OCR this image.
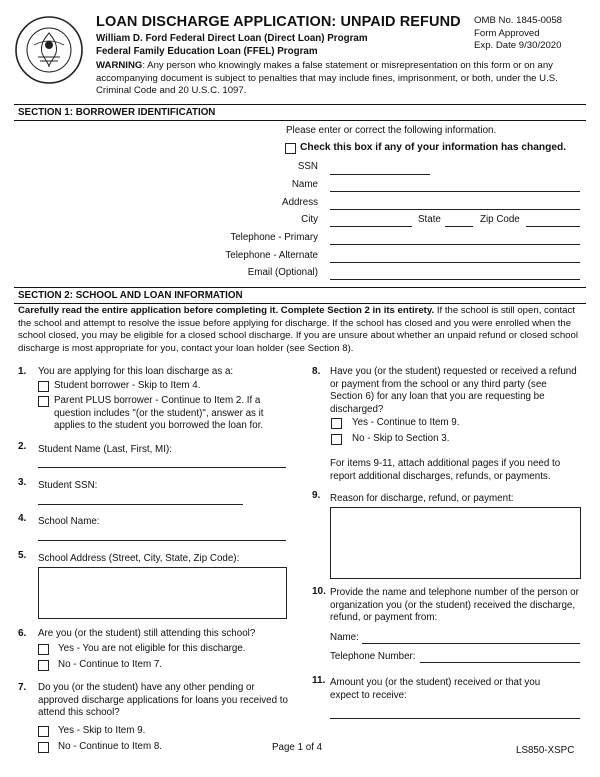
LOAN DISCHARGE APPLICATION: UNPAID REFUND
William D. Ford Federal Direct Loan (Direct Loan) Program
Federal Family Education Loan (FFEL) Program
OMB No. 1845-0058
Form Approved
Exp. Date 9/30/2020
WARNING: Any person who knowingly makes a false statement or misrepresentation on this form or on any accompanying document is subject to penalties that may include fines, imprisonment, or both, under the U.S. Criminal Code and 20 U.S.C. 1097.
SECTION 1: BORROWER IDENTIFICATION
Please enter or correct the following information.
Check this box if any of your information has changed.
SSN
Name
Address
City	State	Zip Code
Telephone - Primary
Telephone - Alternate
Email (Optional)
SECTION 2: SCHOOL AND LOAN INFORMATION
Carefully read the entire application before completing it. Complete Section 2 in its entirety. If the school is still open, contact the school and attempt to resolve the issue before applying for discharge. If the school has closed and you were enrolled when the school closed, you may be eligible for a closed school discharge. If you are unsure about whether an unpaid refund or closed school discharge is most appropriate for you, contact your loan holder (see Section 8).
1. You are applying for this loan discharge as a:
Student borrower - Skip to Item 4.
Parent PLUS borrower - Continue to Item 2. If a question includes "(or the student)", answer as it applies to the student you borrowed the loan for.
2. Student Name (Last, First, MI):
3. Student SSN:
4. School Name:
5. School Address (Street, City, State, Zip Code):
6. Are you (or the student) still attending this school?
Yes - You are not eligible for this discharge.
No - Continue to Item 7.
7. Do you (or the student) have any other pending or approved discharge applications for loans you received to attend this school?
Yes - Skip to Item 9.
No - Continue to Item 8.
8. Have you (or the student) requested or received a refund or payment from the school or any third party (see Section 6) for any loan that you are requesting be discharged?
Yes - Continue to Item 9.
No - Skip to Section 3.
For items 9-11, attach additional pages if you need to report additional discharges, refunds, or payments.
9. Reason for discharge, refund, or payment:
10. Provide the name and telephone number of the person or organization you (or the student) received the discharge, refund, or payment from:
Name:
Telephone Number:
11. Amount you (or the student) received or that you expect to receive:
Page 1 of 4	LS850-XSPC
